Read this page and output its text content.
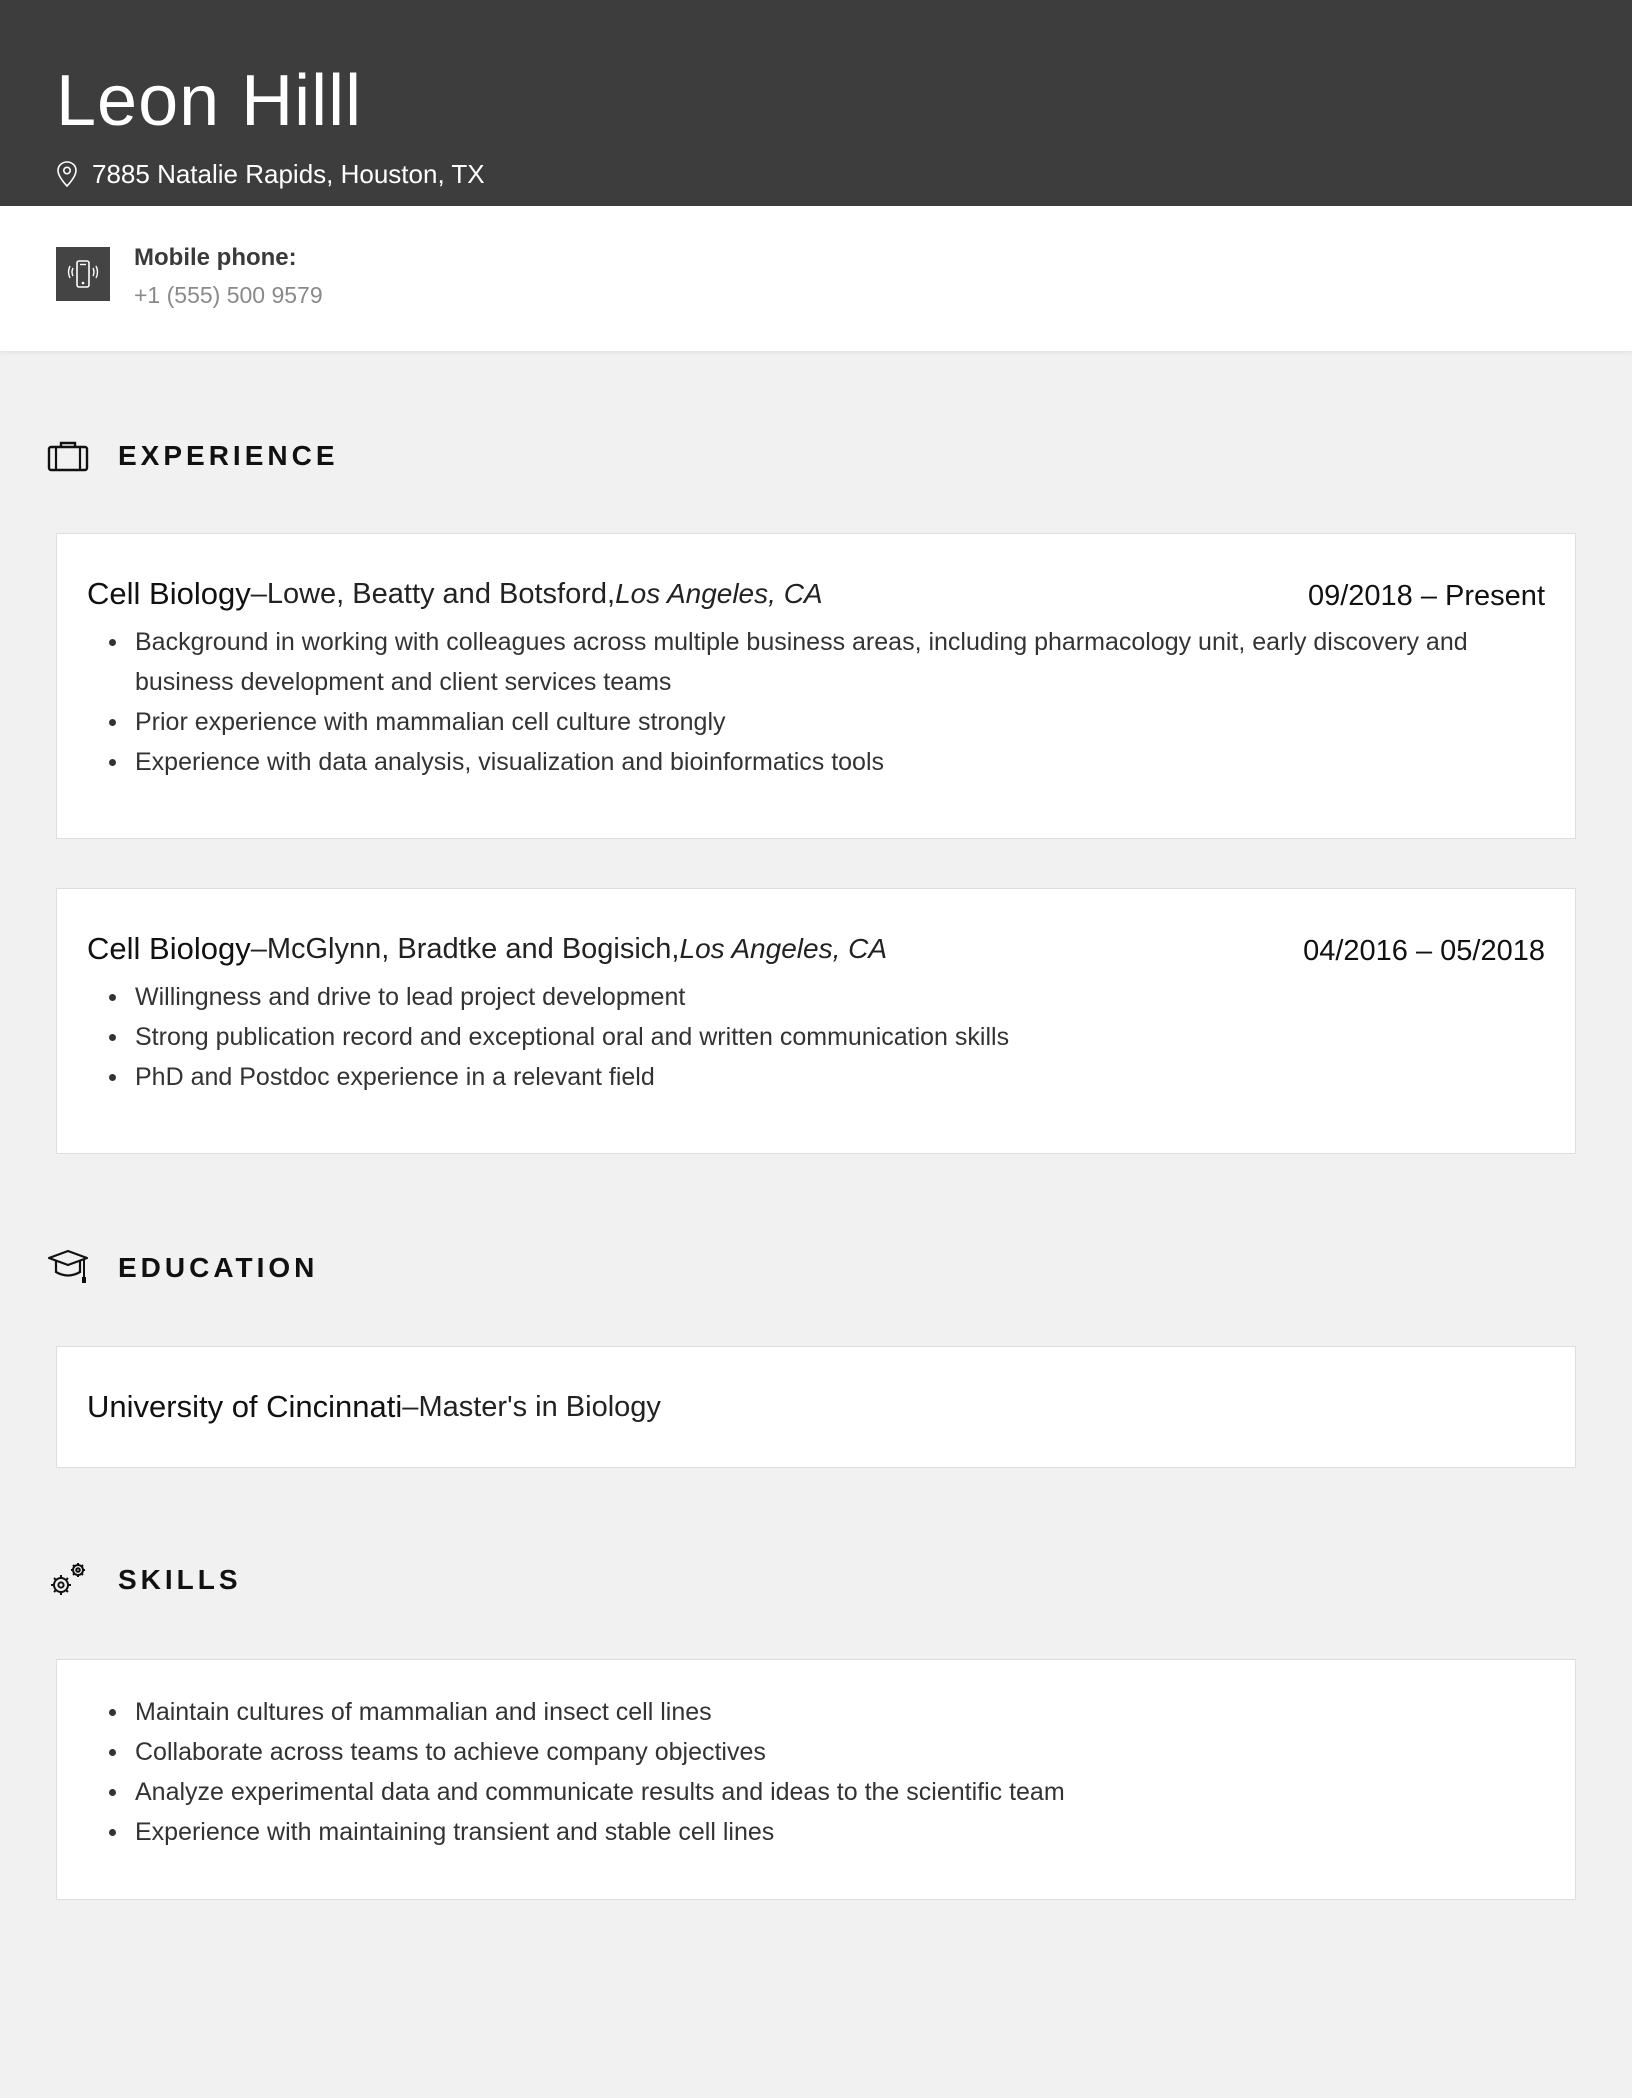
Leon Hilll
7885 Natalie Rapids, Houston, TX
Mobile phone:
+1 (555) 500 9579
EXPERIENCE
Cell Biology – Lowe, Beatty and Botsford, Los Angeles, CA	09/2018 – Present
Background in working with colleagues across multiple business areas, including pharmacology unit, early discovery and business development and client services teams
Prior experience with mammalian cell culture strongly
Experience with data analysis, visualization and bioinformatics tools
Cell Biology – McGlynn, Bradtke and Bogisich, Los Angeles, CA	04/2016 – 05/2018
Willingness and drive to lead project development
Strong publication record and exceptional oral and written communication skills
PhD and Postdoc experience in a relevant field
EDUCATION
University of Cincinnati – Master's in Biology
SKILLS
Maintain cultures of mammalian and insect cell lines
Collaborate across teams to achieve company objectives
Analyze experimental data and communicate results and ideas to the scientific team
Experience with maintaining transient and stable cell lines
